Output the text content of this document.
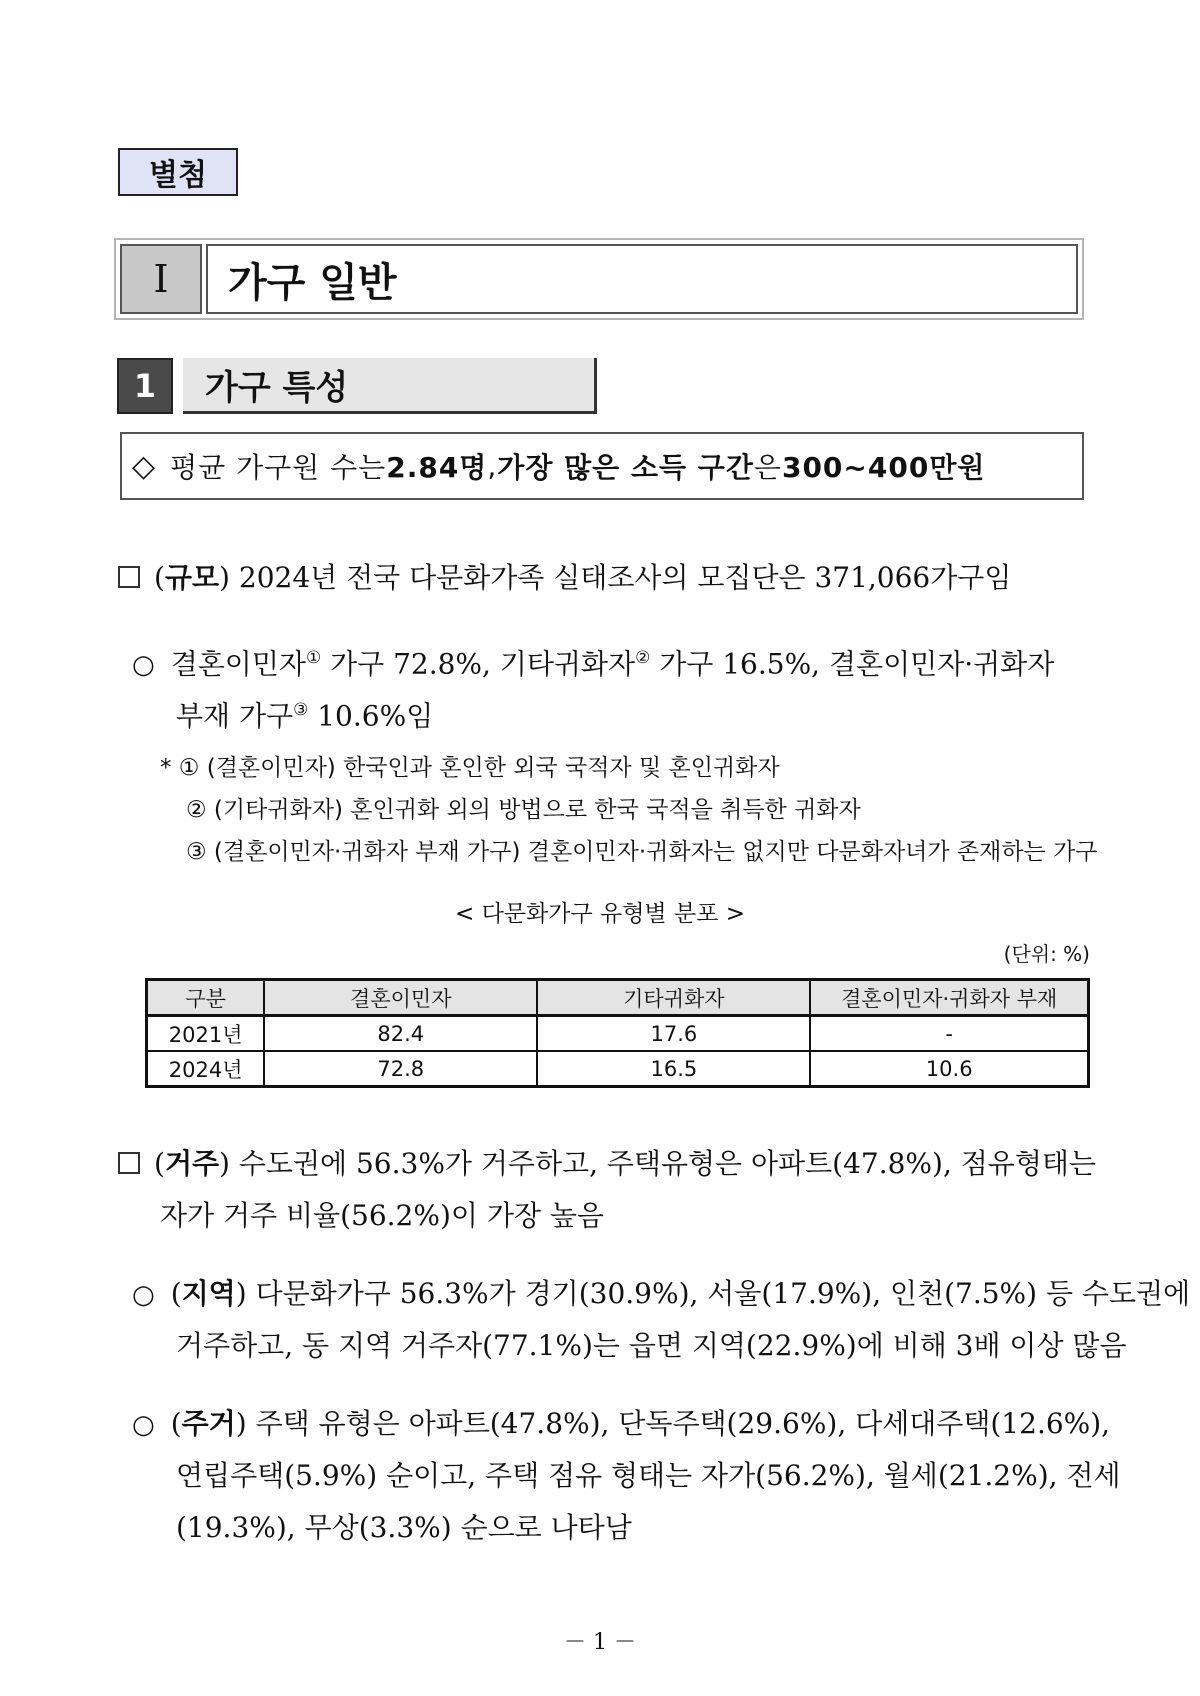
별첨
Ⅰ	가구 일반
1	가구 특성
◇ 평균 가구원 수는 2.84명 , 가장 많은 소득 구간 은 300~400만원
(규모) 2024년 전국 다문화가족 실태조사의 모집단은 371,066가구임
○ 결혼이민자① 가구 72.8%, 기타귀화자② 가구 16.5%, 결혼이민자·귀화자
부재 가구③ 10.6%임
* ① (결혼이민자) 한국인과 혼인한 외국 국적자 및 혼인귀화자
② (기타귀화자) 혼인귀화 외의 방법으로 한국 국적을 취득한 귀화자
③ (결혼이민자·귀화자 부재 가구) 결혼이민자·귀화자는 없지만 다문화자녀가 존재하는 가구
< 다문화가구 유형별 분포 >
(단위: %)
구분	결혼이민자	기타귀화자	결혼이민자·귀화자 부재
2021년	82.4	17.6	-
2024년	72.8	16.5	10.6
(거주) 수도권에 56.3%가 거주하고, 주택유형은 아파트(47.8%), 점유형태는
자가 거주 비율(56.2%)이 가장 높음
○ (지역) 다문화가구 56.3%가 경기(30.9%), 서울(17.9%), 인천(7.5%) 등 수도권에
거주하고, 동 지역 거주자(77.1%)는 읍면 지역(22.9%)에 비해 3배 이상 많음
○ (주거) 주택 유형은 아파트(47.8%), 단독주택(29.6%), 다세대주택(12.6%),
연립주택(5.9%) 순이고, 주택 점유 형태는 자가(56.2%), 월세(21.2%), 전세
(19.3%), 무상(3.3%) 순으로 나타남
－ 1 －
